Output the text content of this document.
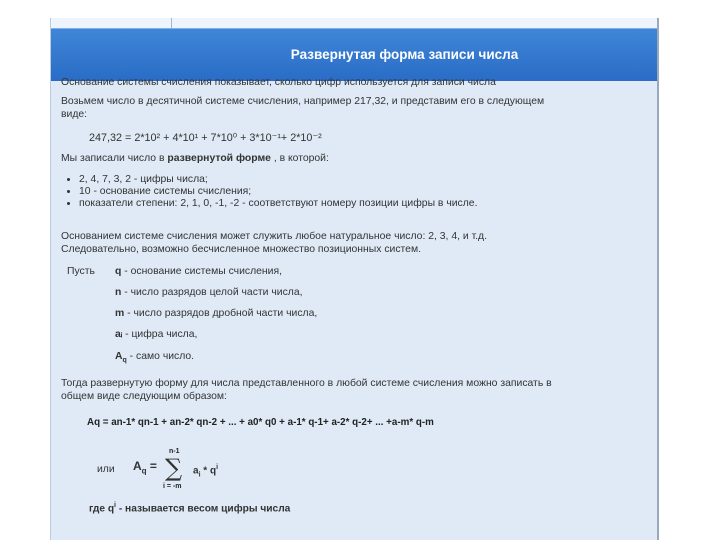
Развернутая форма записи числа
Основание системы счисления показывает, сколько цифр используется для записи числа
Возьмем число в десятичной системе счисления, например 217,32, и представим его в следующем
виде:
247,32 = 2*10² + 4*10¹ + 7*10⁰ + 3*10⁻¹+ 2*10⁻²
Мы записали число в развернутой форме , в которой:
• 2, 4, 7, 3, 2 - цифры числа;
• 10 - основание системы счисления;
• показатели степени: 2, 1, 0, -1, -2 - соответствуют номеру позиции цифры в числе.
Основанием системе счисления может служить любое натуральное число: 2, 3, 4, и т.д.
Следовательно, возможно бесчисленное множество позиционных систем.
Пусть q - основание системы счисления,
n - число разрядов целой части числа,
m - число разрядов дробной части числа,
aᵢ - цифра числа,
$A_q$ - само число.
Тогда развернутую форму для числа представленного в любой системе счисления можно записать в
общем виде следующим образом:
Aq = an-1* qn-1 + an-2* qn-2 + ... + a0* q0 + a-1* q-1+ a-2* q-2+ ... +a-m* q-m
или $A_q$ =
n-1
∑
i = -m
$a_i * q^i$
где $q^i$ - называется весом цифры числа
